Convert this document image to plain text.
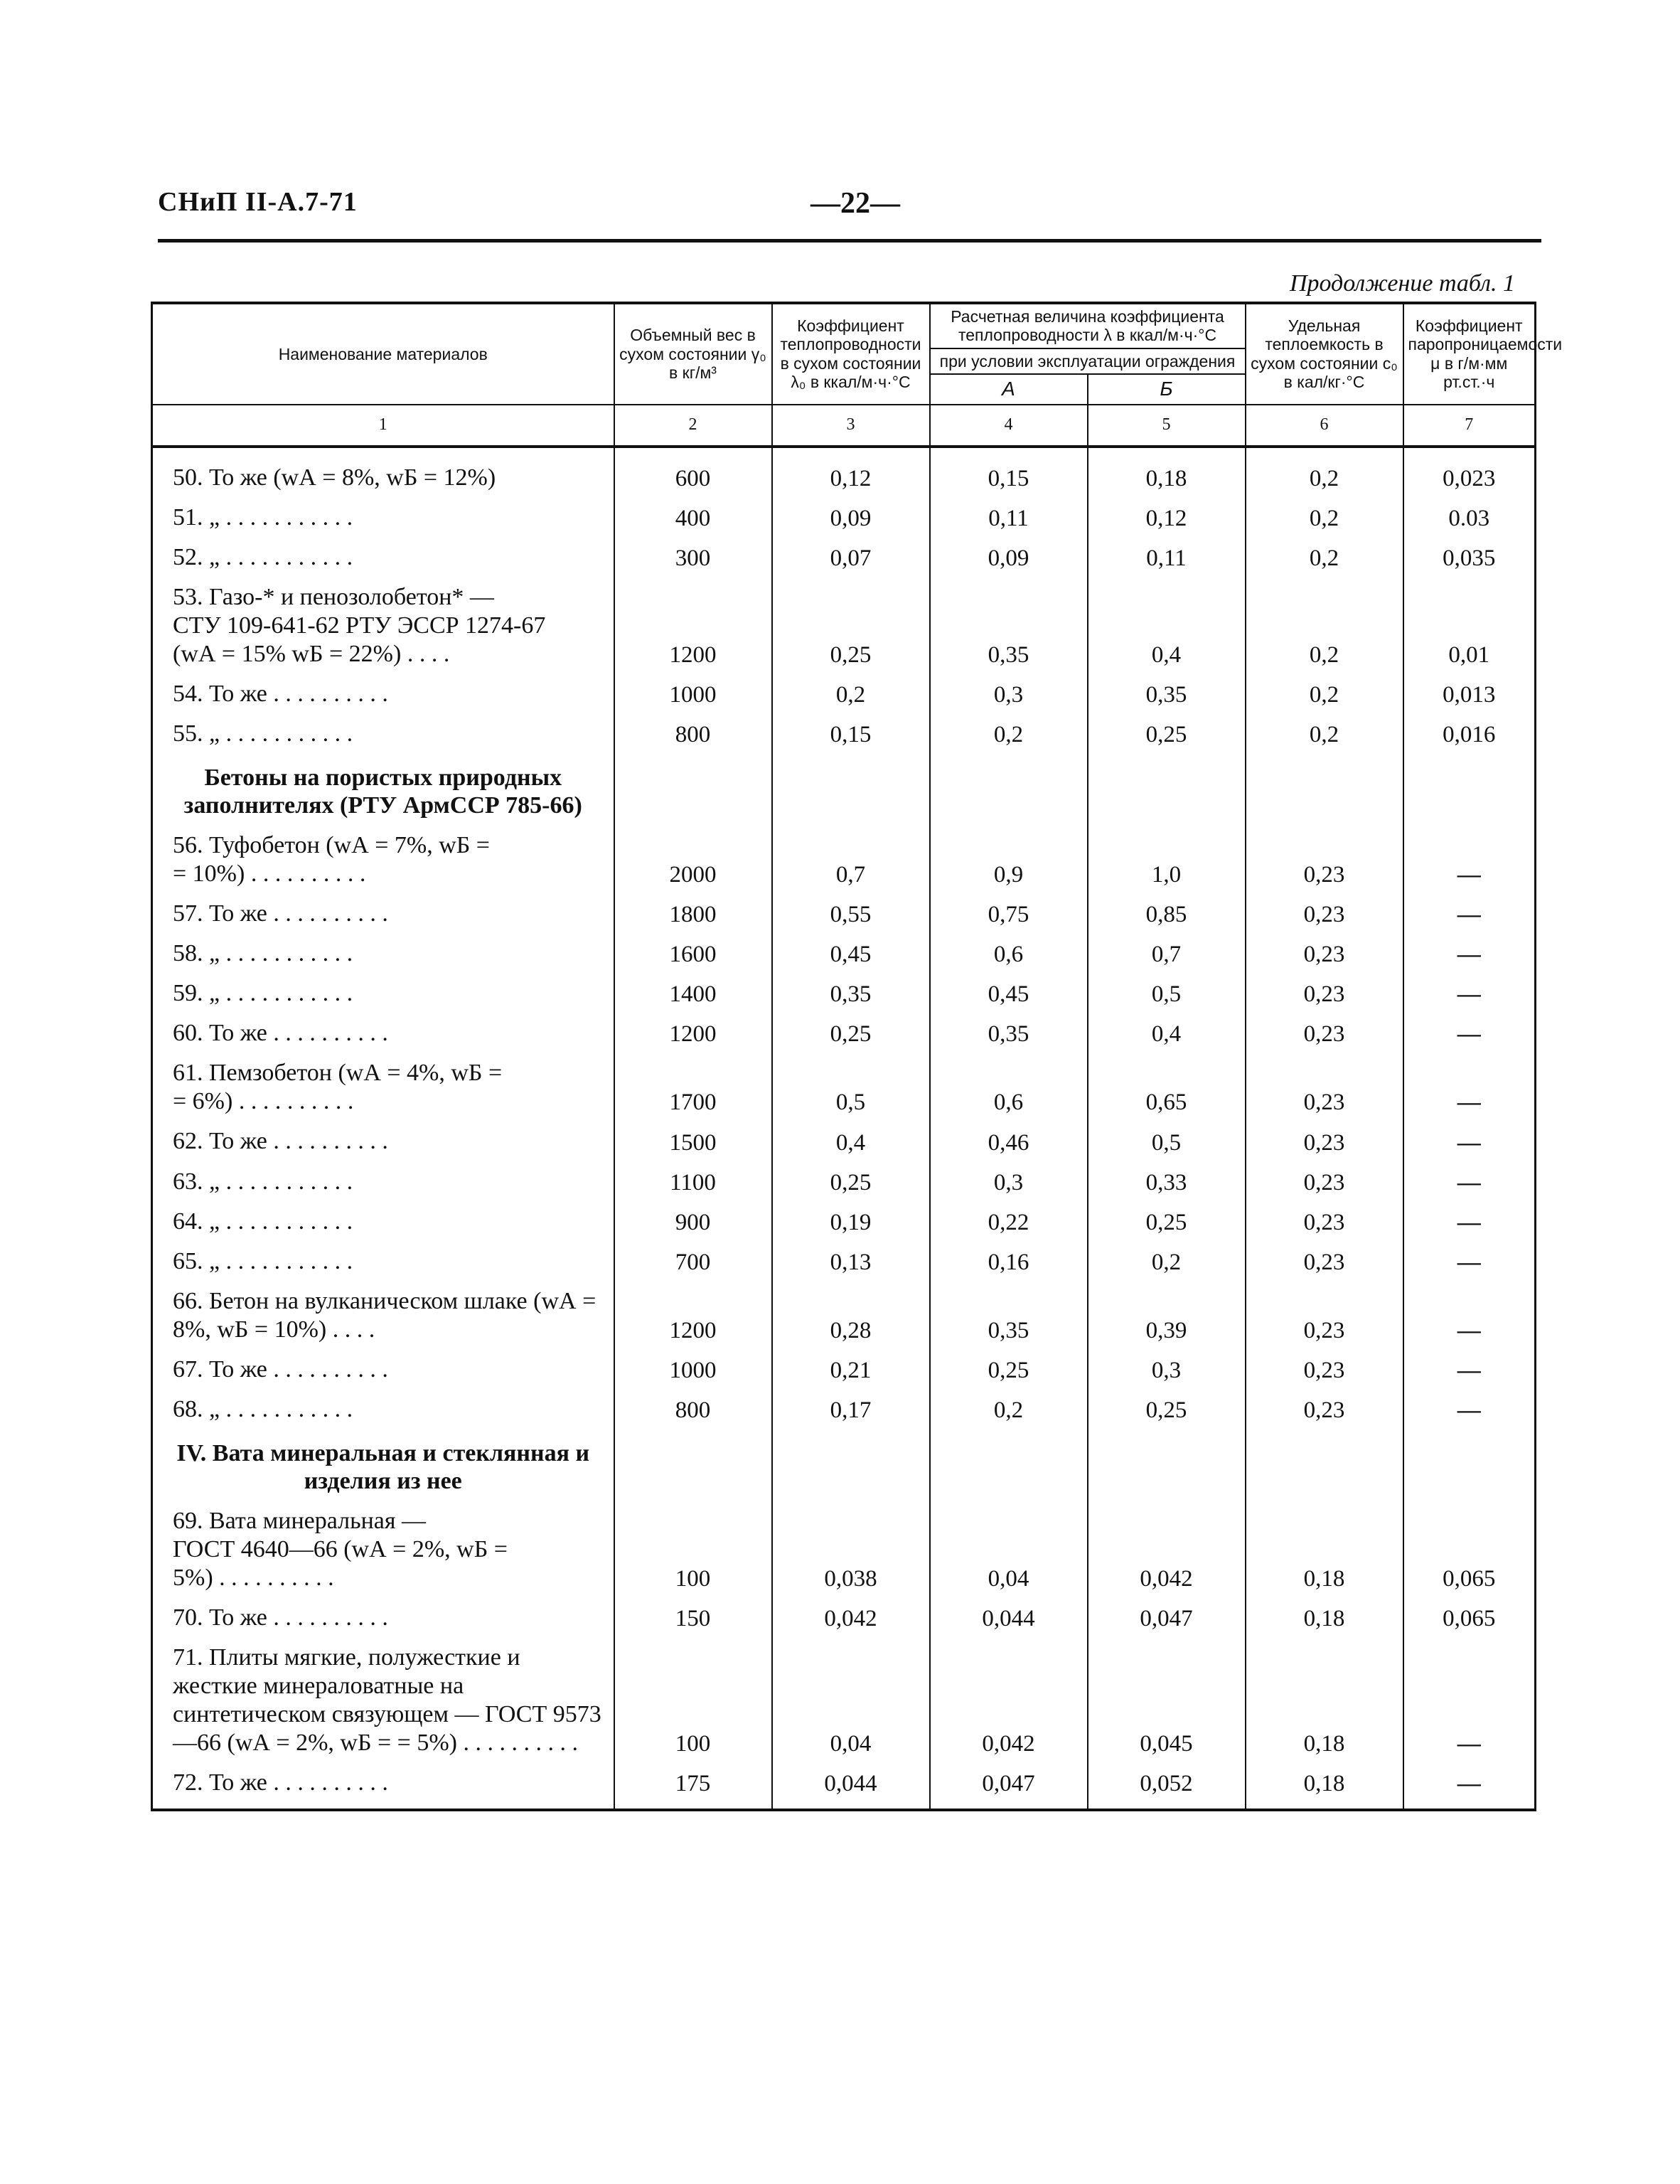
СНиП II-А.7-71	—22—
Продолжение табл. 1
Наименование материалов	Объемный вес в сухом состоянии γ₀ в кг/м³	Коэффициент теплопроводности в сухом состоянии λ₀ в ккал/м·ч·°С	Расчетная величина коэффициента теплопроводности λ в ккал/м·ч·°С		Удельная теплоемкость в сухом состоянии c₀ в кал/кг·°С	Коэффициент паропроницаемости μ в г/м·мм рт.ст.·ч
			при условии эксплуатации ограждения			
			А	Б		
1	2	3	4	5	6	7
50. То же (wА = 8%, wБ = 12%)	600	0,12	0,15	0,18	0,2	0,023
51. „ . . . . . . . . . . .	400	0,09	0,11	0,12	0,2	0.03
52. „ . . . . . . . . . . .	300	0,07	0,09	0,11	0,2	0,035
53. Газо-* и пенозолобетон* —
СТУ 109-641-62 РТУ ЭССР 1274-67
(wА = 15% wБ = 22%) . . . .	1200	0,25	0,35	0,4	0,2	0,01
54. То же . . . . . . . . . .	1000	0,2	0,3	0,35	0,2	0,013
55. „ . . . . . . . . . . .	800	0,15	0,2	0,25	0,2	0,016
Бетоны на пористых природных заполнителях (РТУ АрмССР 785-66)						
56. Туфобетон (wА = 7%, wБ =
= 10%) . . . . . . . . . .	2000	0,7	0,9	1,0	0,23	—
57. То же . . . . . . . . . .	1800	0,55	0,75	0,85	0,23	—
58. „ . . . . . . . . . . .	1600	0,45	0,6	0,7	0,23	—
59. „ . . . . . . . . . . .	1400	0,35	0,45	0,5	0,23	—
60. То же . . . . . . . . . .	1200	0,25	0,35	0,4	0,23	—
61. Пемзобетон (wА = 4%, wБ =
= 6%) . . . . . . . . . .	1700	0,5	0,6	0,65	0,23	—
62. То же . . . . . . . . . .	1500	0,4	0,46	0,5	0,23	—
63. „ . . . . . . . . . . .	1100	0,25	0,3	0,33	0,23	—
64. „ . . . . . . . . . . .	900	0,19	0,22	0,25	0,23	—
65. „ . . . . . . . . . . .	700	0,13	0,16	0,2	0,23	—
66. Бетон на вулканическом шлаке (wА = 8%, wБ = 10%) . . . .	1200	0,28	0,35	0,39	0,23	—
67. То же . . . . . . . . . .	1000	0,21	0,25	0,3	0,23	—
68. „ . . . . . . . . . . .	800	0,17	0,2	0,25	0,23	—
IV. Вата минеральная и стеклянная и изделия из нее						
69. Вата минеральная —
ГОСТ 4640—66 (wА = 2%, wБ =
5%) . . . . . . . . . .	100	0,038	0,04	0,042	0,18	0,065
70. То же . . . . . . . . . .	150	0,042	0,044	0,047	0,18	0,065
71. Плиты мягкие, полужесткие и жесткие минераловатные на синтетическом связующем — ГОСТ 9573—66 (wА = 2%, wБ = = 5%) . . . . . . . . . .	100	0,04	0,042	0,045	0,18	—
72. То же . . . . . . . . . .	175	0,044	0,047	0,052	0,18	—
